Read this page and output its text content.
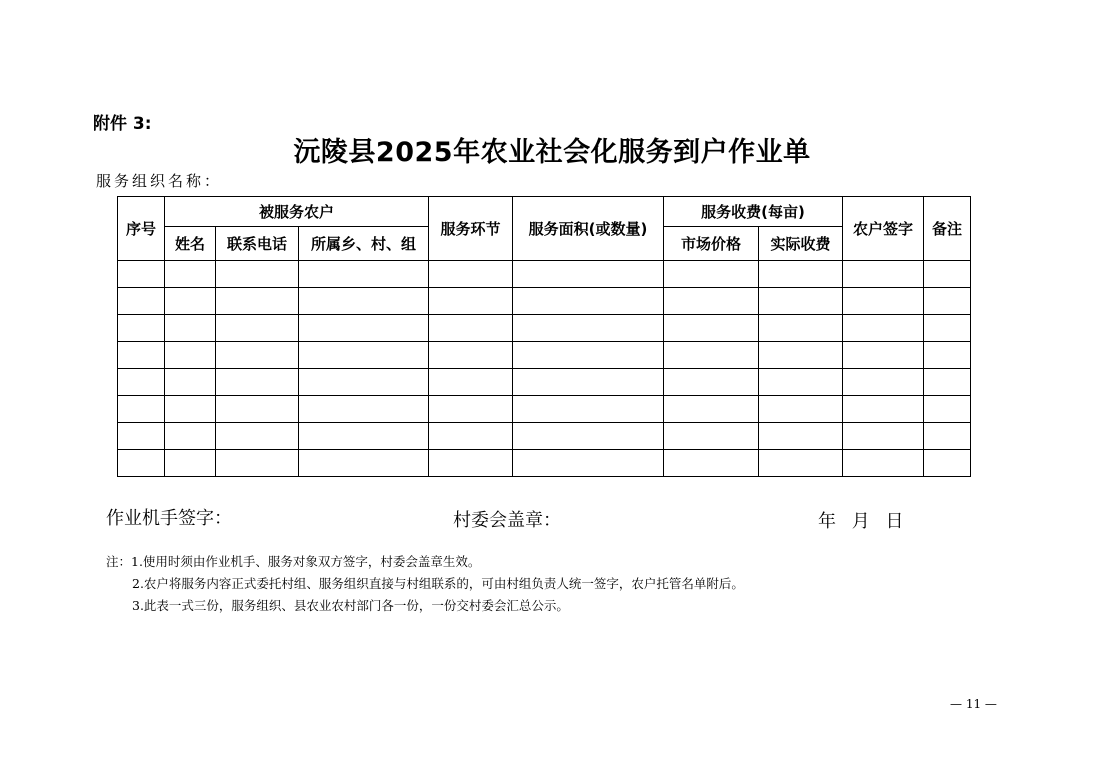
附件 3:
沅陵县2025年农业社会化服务到户作业单
服务组织名称：
序号	被服务农户			服务环节	服务面积(或数量)	服务收费(每亩)		农户签字	备注
	姓名	联系电话	所属乡、村、组			市场价格	实际收费		

作业机手签字：	村委会盖章：	年 月 日
注：1.使用时须由作业机手、服务对象双方签字，村委会盖章生效。
2.农户将服务内容正式委托村组、服务组织直接与村组联系的，可由村组负责人统一签字，农户托管名单附后。
3.此表一式三份，服务组织、县农业农村部门各一份，一份交村委会汇总公示。
— 11 —
